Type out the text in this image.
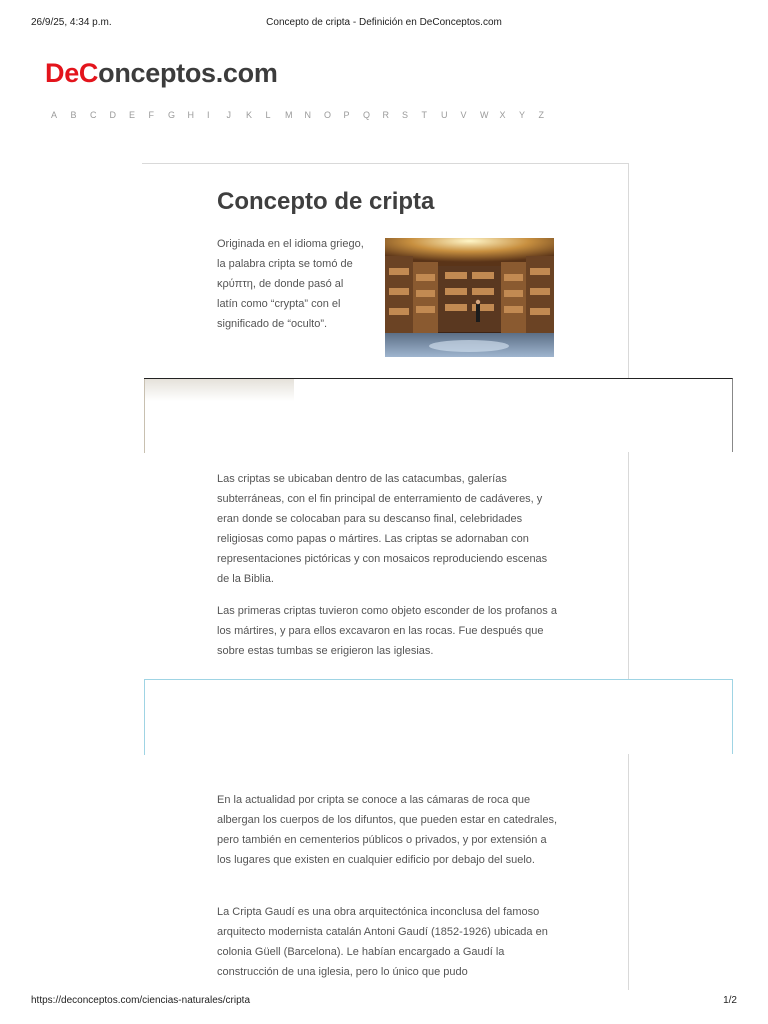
26/9/25, 4:34 p.m.	Concepto de cripta - Definición en DeConceptos.com
DeConceptos.com
A	B	C	D	E	F	G	H	I	J	K	L	M	N	O	P	Q	R	S	T	U	V	W	X	Y	Z
Concepto de cripta

Originada en el idioma griego, la palabra cripta se tomó de κρύπτη, de donde pasó al latín como “crypta” con el significado de “oculto”.

Las criptas se ubicaban dentro de las catacumbas, galerías subterráneas, con el fin principal de enterramiento de cadáveres, y eran donde se colocaban para su descanso final, celebridades religiosas como papas o mártires. Las criptas se adornaban con representaciones pictóricas y con mosaicos reproduciendo escenas de la Biblia.

Las primeras criptas tuvieron como objeto esconder de los profanos a los mártires, y para ellos excavaron en las rocas. Fue después que sobre estas tumbas se erigieron las iglesias.

En la actualidad por cripta se conoce a las cámaras de roca que albergan los cuerpos de los difuntos, que pueden estar en catedrales, pero también en cementerios públicos o privados, y por extensión a los lugares que existen en cualquier edificio por debajo del suelo.

La Cripta Gaudí es una obra arquitectónica inconclusa del famoso arquitecto modernista catalán Antoni Gaudí (1852-1926) ubicada en colonia Güell (Barcelona). Le habían encargado a Gaudí la construcción de una iglesia, pero lo único que pudo

https://deconceptos.com/ciencias-naturales/cripta	1/2
